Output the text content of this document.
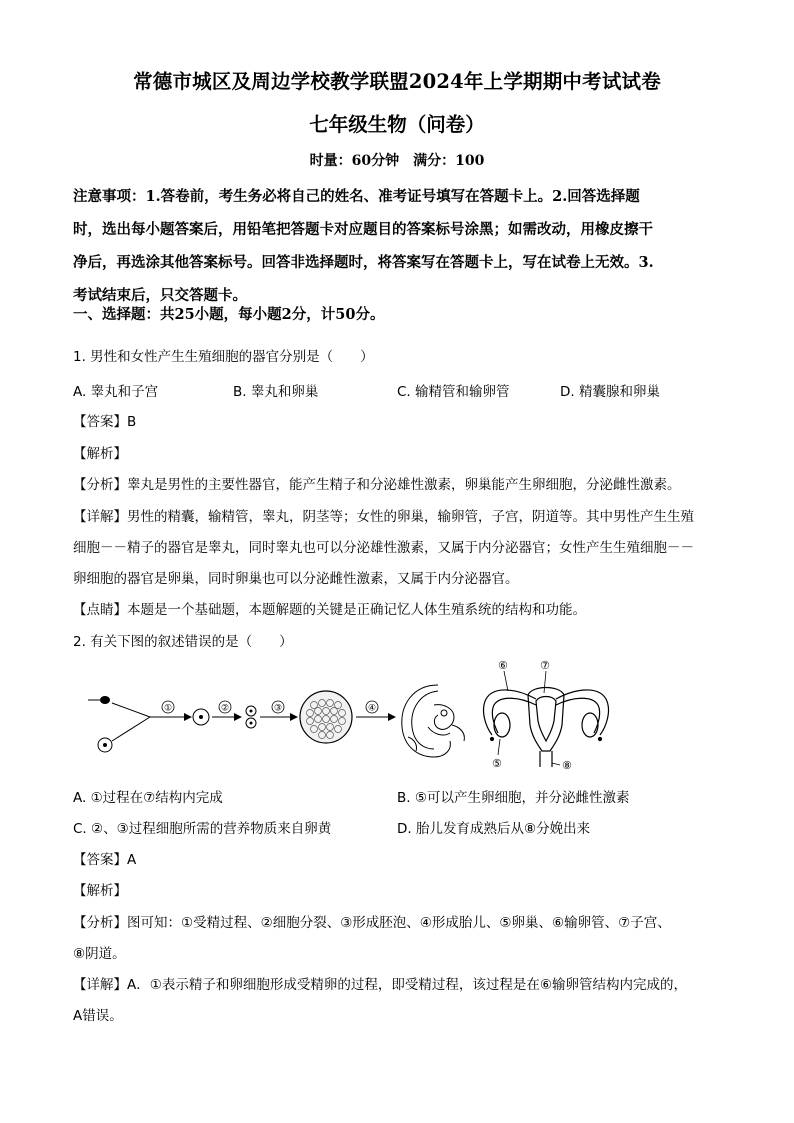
常德市城区及周边学校教学联盟2024年上学期期中考试试卷
七年级生物（问卷）
时量：60分钟　满分：100
注意事项：1.答卷前，考生务必将自己的姓名、准考证号填写在答题卡上。2.回答选择题
时，选出每小题答案后，用铅笔把答题卡对应题目的答案标号涂黑；如需改动，用橡皮擦干
净后，再选涂其他答案标号。回答非选择题时，将答案写在答题卡上，写在试卷上无效。3.
考试结束后，只交答题卡。
一、选择题：共25小题，每小题2分，计50分。
1. 男性和女性产生生殖细胞的器官分别是（　　）
A. 睾丸和子宫	B. 睾丸和卵巢	C. 输精管和输卵管	D. 精囊腺和卵巢
【答案】B
【解析】
【分析】睾丸是男性的主要性器官，能产生精子和分泌雄性激素，卵巢能产生卵细胞，分泌雌性激素。
【详解】男性的精囊，输精管，睾丸，阴茎等；女性的卵巢，输卵管，子宫，阴道等。其中男性产生生殖
细胞－－精子的器官是睾丸，同时睾丸也可以分泌雄性激素，又属于内分泌器官；女性产生生殖细胞－－
卵细胞的器官是卵巢，同时卵巢也可以分泌雌性激素，又属于内分泌器官。
【点睛】本题是一个基础题，本题解题的关键是正确记忆人体生殖系统的结构和功能。
2. 有关下图的叙述错误的是（　　）
①	②	③	④
⑥	⑦
⑤	⑧
A. ①过程在⑦结构内完成	B. ⑤可以产生卵细胞，并分泌雌性激素
C. ②、③过程细胞所需的营养物质来自卵黄	D. 胎儿发育成熟后从⑧分娩出来
【答案】A
【解析】
【分析】图可知：①受精过程、②细胞分裂、③形成胚泡、④形成胎儿、⑤卵巢、⑥输卵管、⑦子宫、
⑧阴道。
【详解】A．①表示精子和卵细胞形成受精卵的过程，即受精过程，该过程是在⑥输卵管结构内完成的，
A错误。
